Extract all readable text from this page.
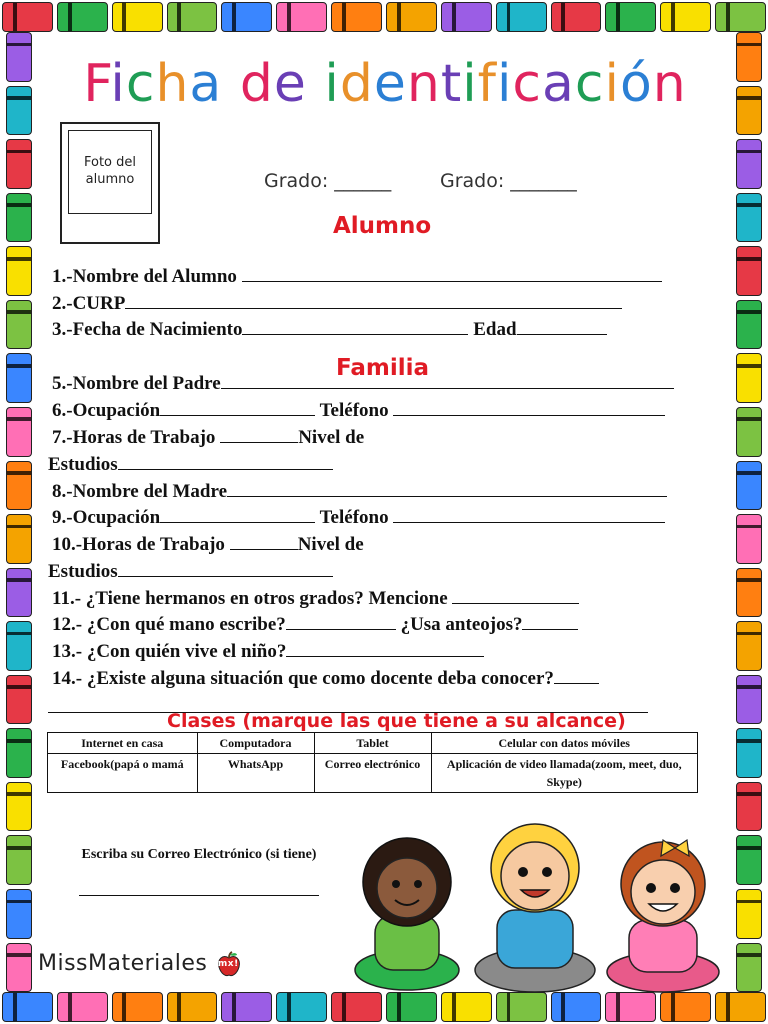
Ficha de identificación
Foto del alumno	Grado: ______	Grado: _______
Alumno
1.-Nombre del Alumno
2.-CURP
3.-Fecha de Nacimiento	Edad
Familia
5.-Nombre del Padre
6.-Ocupación	Teléfono
7.-Horas de Trabajo	Nivel de
Estudios
8.-Nombre del Madre
9.-Ocupación	Teléfono
10.-Horas de Trabajo	Nivel de
Estudios
11.- ¿Tiene hermanos en otros grados? Mencione
12.- ¿Con qué mano escribe?	¿Usa anteojos?
13.- ¿Con quién vive el niño?
14.- ¿Existe alguna situación que como docente deba conocer?
Clases (marque las que tiene a su alcance)
Internet en casa	Computadora	Tablet	Celular con datos móviles
Facebook(papá o mamá	WhatsApp	Correo electrónico	Aplicación de video llamada(zoom, meet, duo, Skype)
Escriba su Correo Electrónico (si tiene)
MissMateriales mx!
